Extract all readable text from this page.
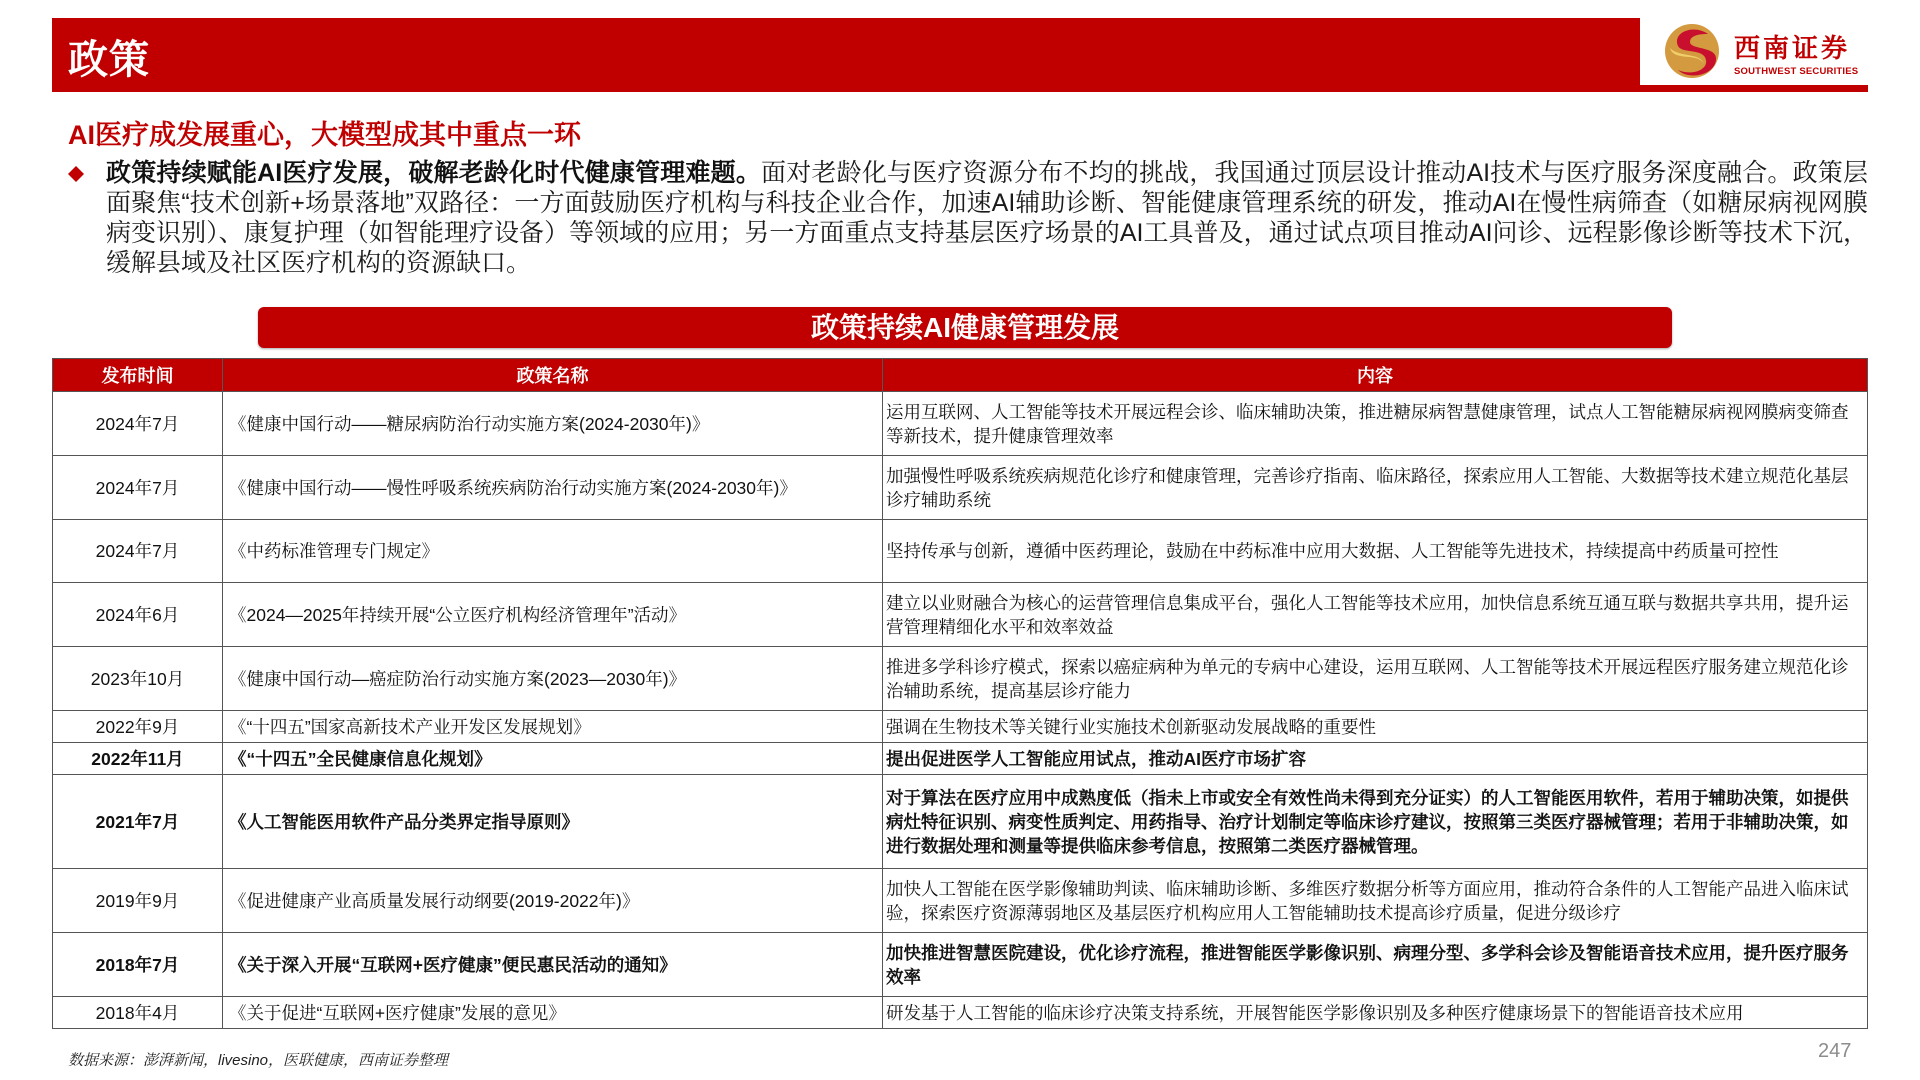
政策	西南证券
SOUTHWEST SECURITIES
AI医疗成发展重心，大模型成其中重点一环

政策持续赋能AI医疗发展，破解老龄化时代健康管理难题。面对老龄化与医疗资源分布不均的挑战，我国通过顶层设计推动AI技术与医疗服务深度融合。政策层面聚焦“技术创新+场景落地”双路径：一方面鼓励医疗机构与科技企业合作，加速AI辅助诊断、智能健康管理系统的研发，推动AI在慢性病筛查（如糖尿病视网膜病变识别）、康复护理（如智能理疗设备）等领域的应用；另一方面重点支持基层医疗场景的AI工具普及，通过试点项目推动AI问诊、远程影像诊断等技术下沉，缓解县域及社区医疗机构的资源缺口。

政策持续AI健康管理发展
发布时间	政策名称	内容
2024年7月	《健康中国行动——糖尿病防治行动实施方案(2024-2030年)》	运用互联网、人工智能等技术开展远程会诊、临床辅助决策，推进糖尿病智慧健康管理，试点人工智能糖尿病视网膜病变筛查等新技术，提升健康管理效率
2024年7月	《健康中国行动——慢性呼吸系统疾病防治行动实施方案(2024-2030年)》	加强慢性呼吸系统疾病规范化诊疗和健康管理，完善诊疗指南、临床路径，探索应用人工智能、大数据等技术建立规范化基层诊疗辅助系统
2024年7月	《中药标准管理专门规定》	坚持传承与创新，遵循中医药理论，鼓励在中药标准中应用大数据、人工智能等先进技术，持续提高中药质量可控性
2024年6月	《2024—2025年持续开展“公立医疗机构经济管理年”活动》	建立以业财融合为核心的运营管理信息集成平台，强化人工智能等技术应用，加快信息系统互通互联与数据共享共用，提升运营管理精细化水平和效率效益
2023年10月	《健康中国行动—癌症防治行动实施方案(2023—2030年)》	推进多学科诊疗模式，探索以癌症病种为单元的专病中心建设，运用互联网、人工智能等技术开展远程医疗服务建立规范化诊治辅助系统，提高基层诊疗能力
2022年9月	《“十四五”国家高新技术产业开发区发展规划》	强调在生物技术等关键行业实施技术创新驱动发展战略的重要性
2022年11月	《“十四五”全民健康信息化规划》	提出促进医学人工智能应用试点，推动AI医疗市场扩容
2021年7月	《人工智能医用软件产品分类界定指导原则》	对于算法在医疗应用中成熟度低（指未上市或安全有效性尚未得到充分证实）的人工智能医用软件，若用于辅助决策，如提供病灶特征识别、病变性质判定、用药指导、治疗计划制定等临床诊疗建议，按照第三类医疗器械管理；若用于非辅助决策，如进行数据处理和测量等提供临床参考信息，按照第二类医疗器械管理。
2019年9月	《促进健康产业高质量发展行动纲要(2019-2022年)》	加快人工智能在医学影像辅助判读、临床辅助诊断、多维医疗数据分析等方面应用，推动符合条件的人工智能产品进入临床试验，探索医疗资源薄弱地区及基层医疗机构应用人工智能辅助技术提高诊疗质量，促进分级诊疗
2018年7月	《关于深入开展“互联网+医疗健康”便民惠民活动的通知》	加快推进智慧医院建设，优化诊疗流程，推进智能医学影像识别、病理分型、多学科会诊及智能语音技术应用，提升医疗服务效率
2018年4月	《关于促进“互联网+医疗健康”发展的意见》	研发基于人工智能的临床诊疗决策支持系统，开展智能医学影像识别及多种医疗健康场景下的智能语音技术应用
数据来源：澎湃新闻，livesino，医联健康，西南证券整理	247
